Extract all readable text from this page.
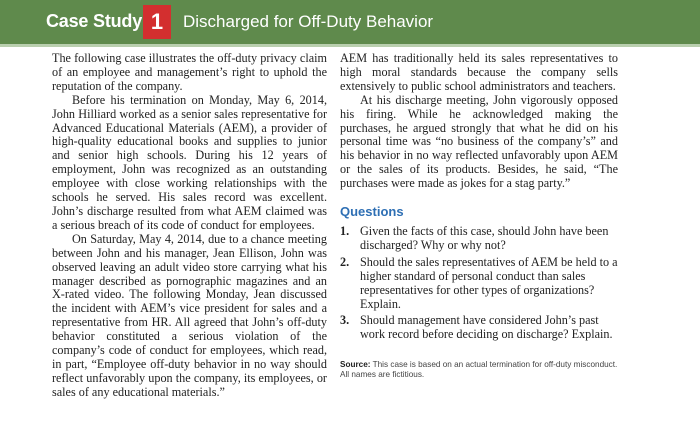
Case Study 1	Discharged for Off-Duty Behavior

The following case illustrates the off-duty privacy claim of an employee and management’s right to uphold the reputation of the company.

Before his termination on Monday, May 6, 2014, John Hilliard worked as a senior sales representative for Advanced Educational Materials (AEM), a provider of high-quality educational books and supplies to junior and senior high schools. During his 12 years of employment, John was recognized as an outstanding employee with close working relationships with the schools he served. His sales record was excellent. John’s discharge resulted from what AEM claimed was a serious breach of its code of conduct for employees.

On Saturday, May 4, 2014, due to a chance meeting between John and his manager, Jean Ellison, John was observed leaving an adult video store carrying what his manager described as pornographic magazines and an X-rated video. The following Monday, Jean discussed the incident with AEM’s vice president for sales and a representative from HR. All agreed that John’s off-duty behavior constituted a serious violation of the company’s code of conduct for employees, which read, in part, “Employee off-duty behavior in no way should reflect unfavorably upon the company, its employees, or sales of any educational materials.”

AEM has traditionally held its sales representatives to high moral standards because the company sells extensively to public school administrators and teachers.

At his discharge meeting, John vigorously opposed his firing. While he acknowledged making the purchases, he argued strongly that what he did on his personal time was “no business of the company’s” and his behavior in no way reflected unfavorably upon AEM or the sales of its products. Besides, he said, “The purchases were made as jokes for a stag party.”

Questions
1. Given the facts of this case, should John have been discharged? Why or why not?
2. Should the sales representatives of AEM be held to a higher standard of personal conduct than sales representatives for other types of organizations? Explain.
3. Should management have considered John’s past work record before deciding on discharge? Explain.
Source: This case is based on an actual termination for off-duty misconduct. All names are fictitious.
